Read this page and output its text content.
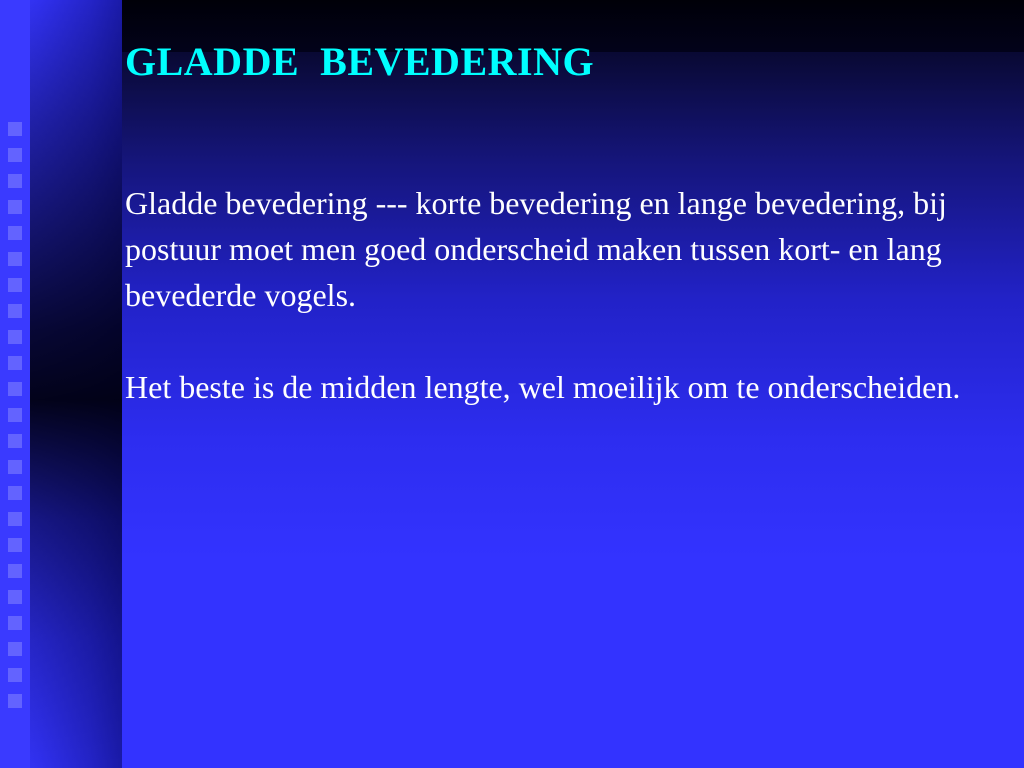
GLADDE  BEVEDERING

Gladde bevedering --- korte bevedering en lange bevedering, bij postuur moet men goed onderscheid maken tussen kort- en lang bevederde vogels.

Het beste is de midden lengte, wel moeilijk om te onderscheiden.
